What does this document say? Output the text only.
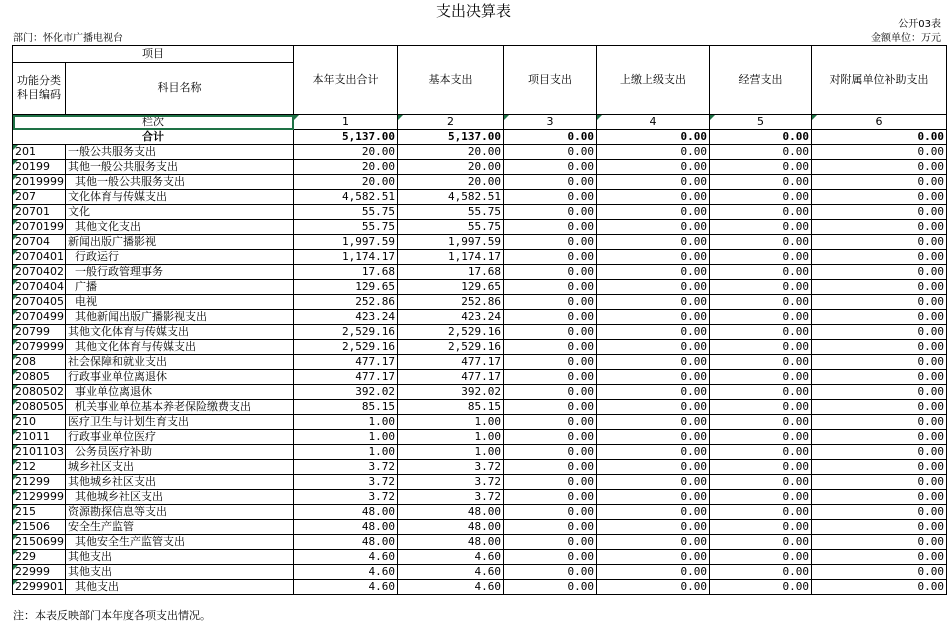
支出决算表
公开03表
部门：怀化市广播电视台	金额单位：万元
项目		本年支出合计	基本支出	项目支出	上缴上级支出	经营支出	对附属单位补助支出
功能分类
科目编码	科目名称						
栏次		1	2	3	4	5	6
合计		5,137.00	5,137.00	0.00	0.00	0.00	0.00
201	一般公共服务支出	20.00	20.00	0.00	0.00	0.00	0.00
20199	其他一般公共服务支出	20.00	20.00	0.00	0.00	0.00	0.00
2019999	其他一般公共服务支出	20.00	20.00	0.00	0.00	0.00	0.00
207	文化体育与传媒支出	4,582.51	4,582.51	0.00	0.00	0.00	0.00
20701	文化	55.75	55.75	0.00	0.00	0.00	0.00
2070199	其他文化支出	55.75	55.75	0.00	0.00	0.00	0.00
20704	新闻出版广播影视	1,997.59	1,997.59	0.00	0.00	0.00	0.00
2070401	行政运行	1,174.17	1,174.17	0.00	0.00	0.00	0.00
2070402	一般行政管理事务	17.68	17.68	0.00	0.00	0.00	0.00
2070404	广播	129.65	129.65	0.00	0.00	0.00	0.00
2070405	电视	252.86	252.86	0.00	0.00	0.00	0.00
2070499	其他新闻出版广播影视支出	423.24	423.24	0.00	0.00	0.00	0.00
20799	其他文化体育与传媒支出	2,529.16	2,529.16	0.00	0.00	0.00	0.00
2079999	其他文化体育与传媒支出	2,529.16	2,529.16	0.00	0.00	0.00	0.00
208	社会保障和就业支出	477.17	477.17	0.00	0.00	0.00	0.00
20805	行政事业单位离退休	477.17	477.17	0.00	0.00	0.00	0.00
2080502	事业单位离退休	392.02	392.02	0.00	0.00	0.00	0.00
2080505	机关事业单位基本养老保险缴费支出	85.15	85.15	0.00	0.00	0.00	0.00
210	医疗卫生与计划生育支出	1.00	1.00	0.00	0.00	0.00	0.00
21011	行政事业单位医疗	1.00	1.00	0.00	0.00	0.00	0.00
2101103	公务员医疗补助	1.00	1.00	0.00	0.00	0.00	0.00
212	城乡社区支出	3.72	3.72	0.00	0.00	0.00	0.00
21299	其他城乡社区支出	3.72	3.72	0.00	0.00	0.00	0.00
2129999	其他城乡社区支出	3.72	3.72	0.00	0.00	0.00	0.00
215	资源勘探信息等支出	48.00	48.00	0.00	0.00	0.00	0.00
21506	安全生产监管	48.00	48.00	0.00	0.00	0.00	0.00
2150699	其他安全生产监管支出	48.00	48.00	0.00	0.00	0.00	0.00
229	其他支出	4.60	4.60	0.00	0.00	0.00	0.00
22999	其他支出	4.60	4.60	0.00	0.00	0.00	0.00
2299901	其他支出	4.60	4.60	0.00	0.00	0.00	0.00
注：本表反映部门本年度各项支出情况。
